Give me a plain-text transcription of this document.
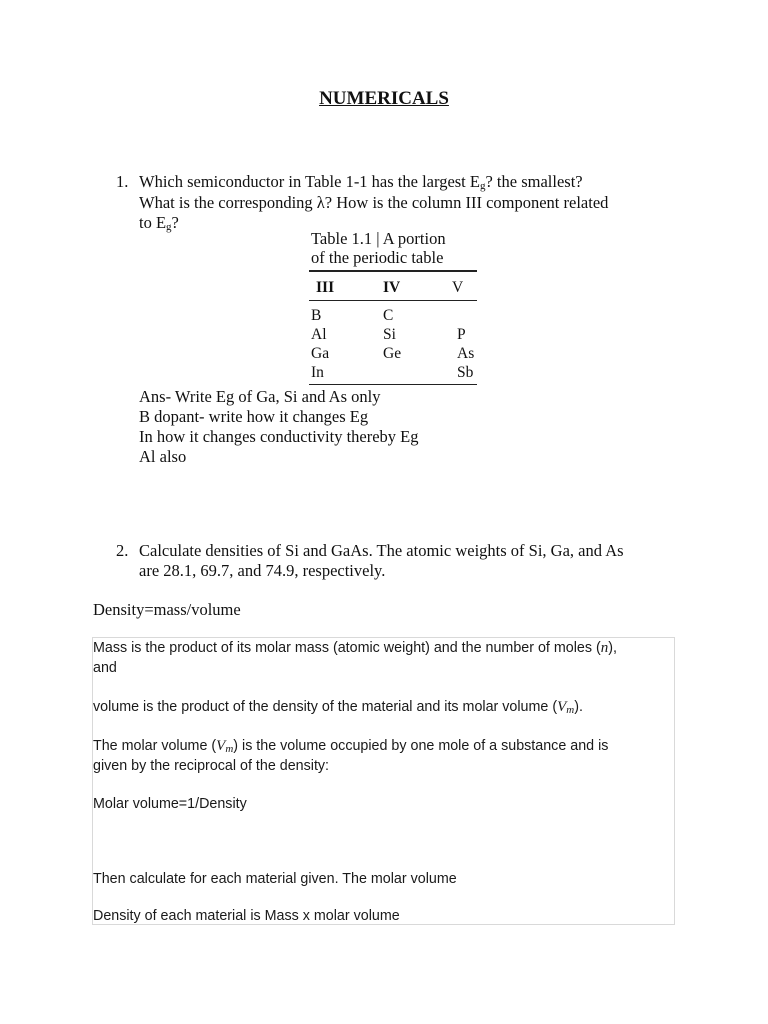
NUMERICALS
1. Which semiconductor in Table 1-1 has the largest Eg? the smallest?
What is the corresponding λ? How is the column III component related
to Eg?
Table 1.1 | A portion
of the periodic table
III	IV	V
B
Al
Ga
In
C
Si
Ge
P
As
Sb
Ans- Write Eg of Ga, Si and As only
B dopant- write how it changes Eg
In how it changes conductivity thereby Eg
Al also
2. Calculate densities of Si and GaAs. The atomic weights of Si, Ga, and As
are 28.1, 69.7, and 74.9, respectively.
Density=mass/volume
Mass is the product of its molar mass (atomic weight) and the number of moles (n),
and
volume is the product of the density of the material and its molar volume (Vm).
The molar volume (Vm) is the volume occupied by one mole of a substance and is
given by the reciprocal of the density:
Molar volume=1/Density
Then calculate for each material given. The molar volume
Density of each material is Mass x molar volume
